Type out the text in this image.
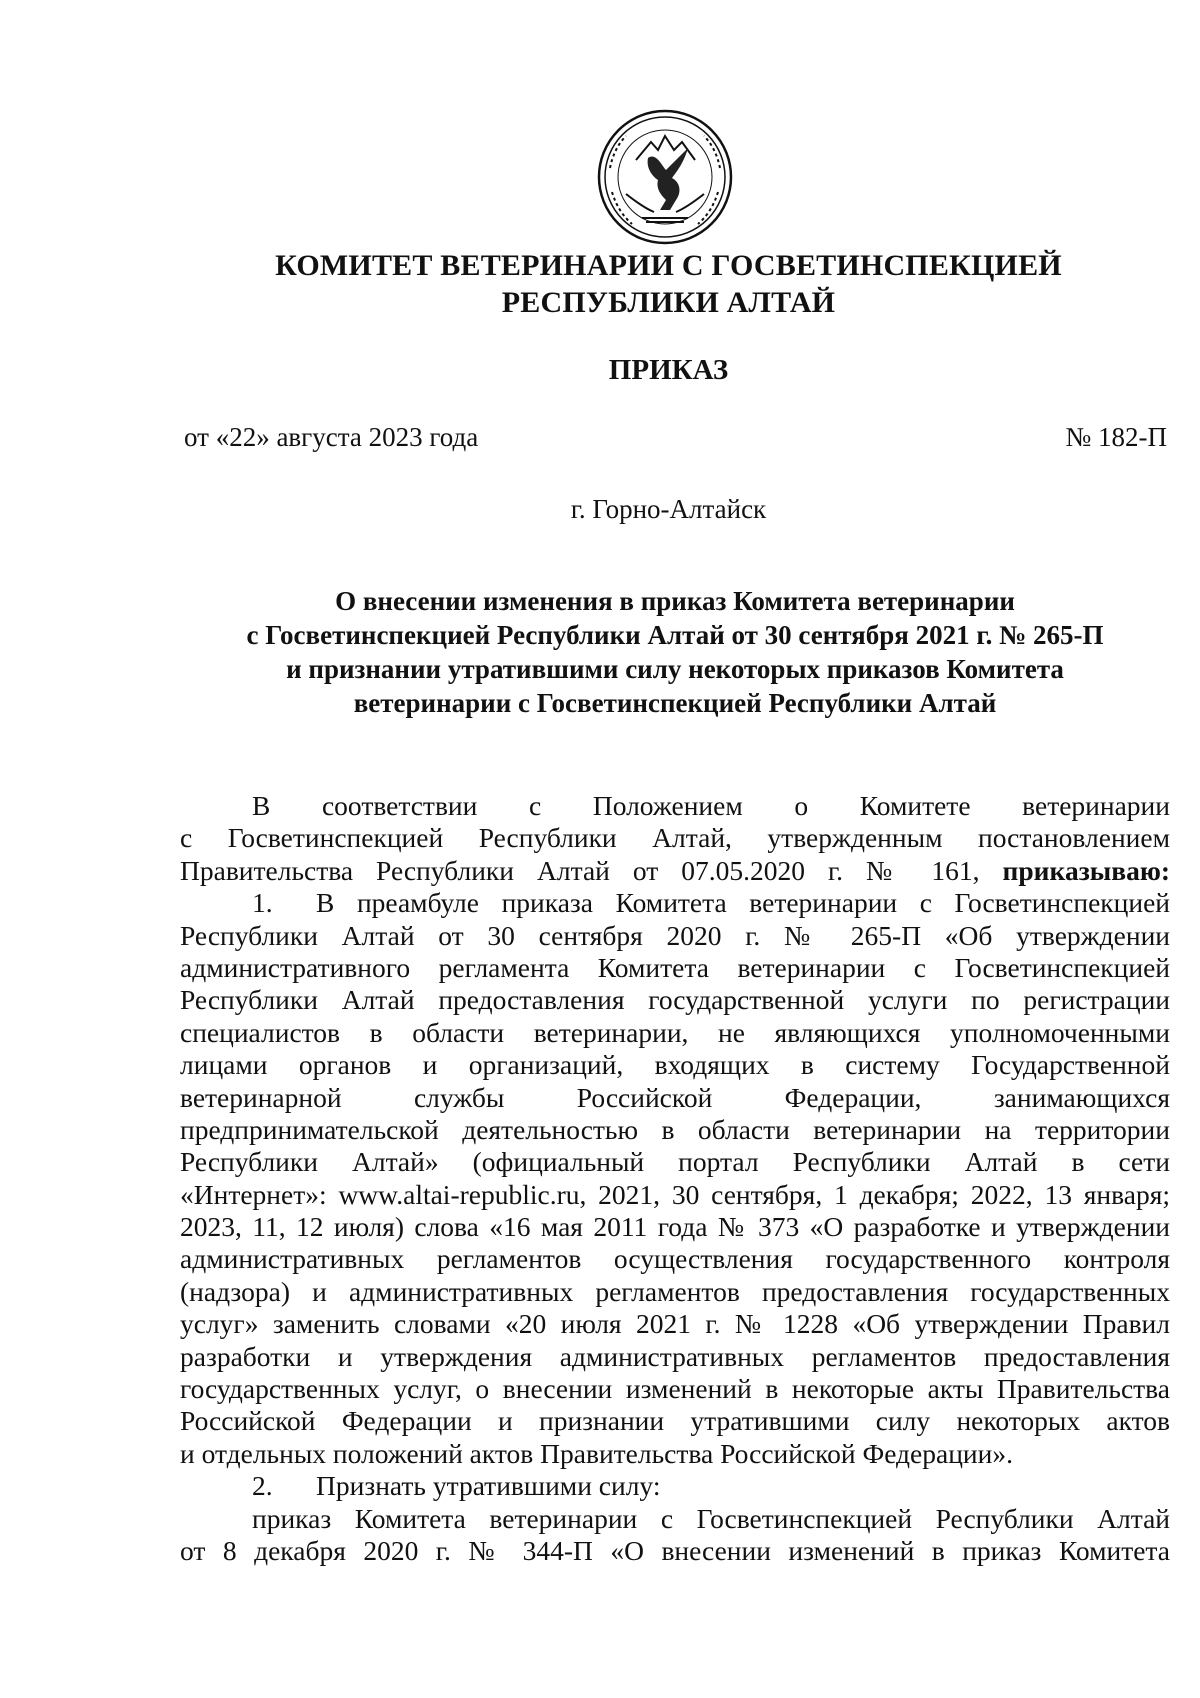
КОМИТЕТ ВЕТЕРИНАРИИ С ГОСВЕТИНСПЕКЦИЕЙ
РЕСПУБЛИКИ АЛТАЙ
ПРИКАЗ
от «22» августа 2023 года	№ 182-П
г. Горно-Алтайск
О внесении изменения в приказ Комитета ветеринарии
с Госветинспекцией Республики Алтай от 30 сентября 2021 г. № 265-П
и признании утратившими силу некоторых приказов Комитета
ветеринарии с Госветинспекцией Республики Алтай
В соответствии с Положением о Комитете ветеринарии
с Госветинспекцией Республики Алтай, утвержденным постановлением
Правительства Республики Алтай от 07.05.2020 г. № 161, приказываю:
1. В преамбуле приказа Комитета ветеринарии с Госветинспекцией
Республики Алтай от 30 сентября 2020 г. № 265-П «Об утверждении
административного регламента Комитета ветеринарии с Госветинспекцией
Республики Алтай предоставления государственной услуги по регистрации
специалистов в области ветеринарии, не являющихся уполномоченными
лицами органов и организаций, входящих в систему Государственной
ветеринарной службы Российской Федерации, занимающихся
предпринимательской деятельностью в области ветеринарии на территории
Республики Алтай» (официальный портал Республики Алтай в сети
«Интернет»: www.altai-republic.ru, 2021, 30 сентября, 1 декабря; 2022, 13 января;
2023, 11, 12 июля) слова «16 мая 2011 года № 373 «О разработке и утверждении
административных регламентов осуществления государственного контроля
(надзора) и административных регламентов предоставления государственных
услуг» заменить словами «20 июля 2021 г. № 1228 «Об утверждении Правил
разработки и утверждения административных регламентов предоставления
государственных услуг, о внесении изменений в некоторые акты Правительства
Российской Федерации и признании утратившими силу некоторых актов
и отдельных положений актов Правительства Российской Федерации».
2. Признать утратившими силу:
приказ Комитета ветеринарии с Госветинспекцией Республики Алтай
от 8 декабря 2020 г. № 344-П «О внесении изменений в приказ Комитета
